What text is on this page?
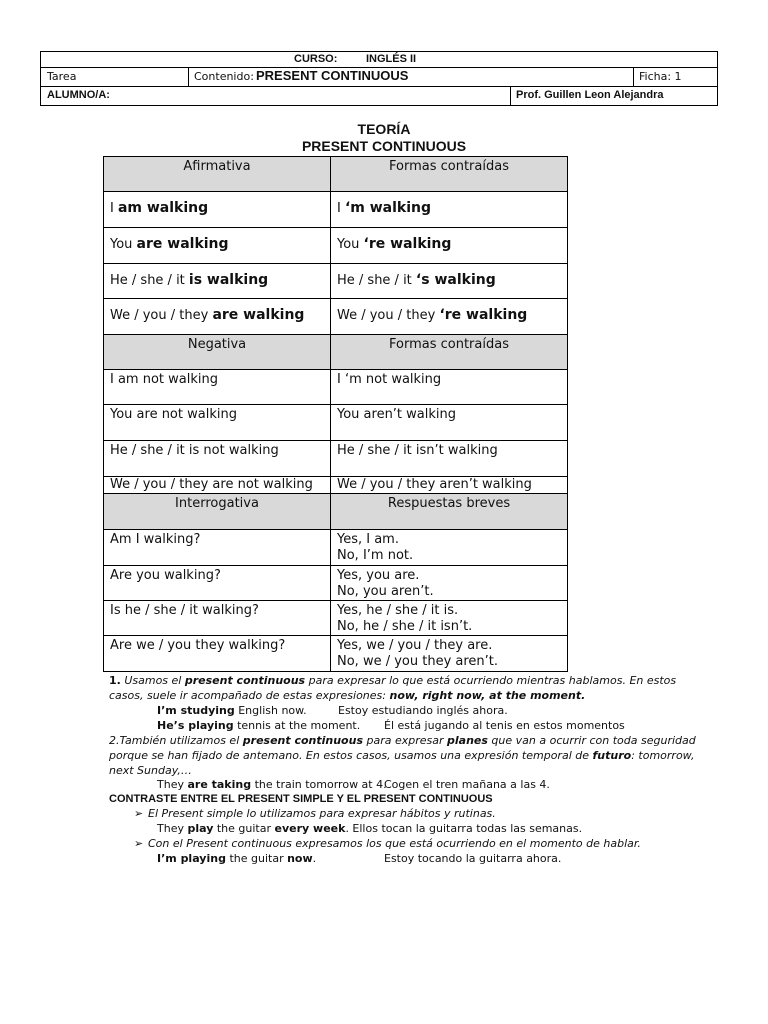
CURSO:	INGLÉS II
Tarea	Contenido: PRESENT CONTINUOUS	Ficha: 1
ALUMNO/A:	Prof. Guillen Leon Alejandra
TEORÍA
PRESENT CONTINUOUS
Afirmativa	Formas contraídas
I am walking	I ‘m walking
You are walking	You ‘re walking
He / she / it is walking	He / she / it ‘s walking
We / you / they are walking	We / you / they ‘re walking
Negativa	Formas contraídas
I am not walking	I ‘m not walking
You are not walking	You aren’t walking
He / she / it is not walking	He / she / it isn’t walking
We / you / they are not walking	We / you / they aren’t walking
Interrogativa	Respuestas breves
Am I walking?	Yes, I am.
No, I’m not.

Are you walking?	Yes, you are.
No, you aren’t.

Is he / she / it walking?	Yes, he / she / it is.
No, he / she / it isn’t.

Are we / you they walking?	Yes, we / you / they are.
No, we / you they aren’t.
1. Usamos el present continuous para expresar lo que está ocurriendo mientras hablamos. En estos
casos, suele ir acompañado de estas expresiones: now, right now, at the moment.
I’m studying English now.	Estoy estudiando inglés ahora.
He’s playing tennis at the moment. Él está jugando al tenis en estos momentos
2.También utilizamos el present continuous para expresar planes que van a ocurrir con toda seguridad
porque se han fijado de antemano. En estos casos, usamos una expresión temporal de futuro: tomorrow,
next Sunday,…
They are taking the train tomorrow at 4.
Cogen el tren mañana a las 4.
CONTRASTE ENTRE EL PRESENT SIMPLE Y EL PRESENT CONTINUOUS
➢ El Present simple lo utilizamos para expresar hábitos y rutinas.
They play the guitar every week. Ellos tocan la guitarra todas las semanas.
➢ Con el Present continuous expresamos los que está ocurriendo en el momento de hablar.
I’m playing the guitar now.	Estoy tocando la guitarra ahora.
